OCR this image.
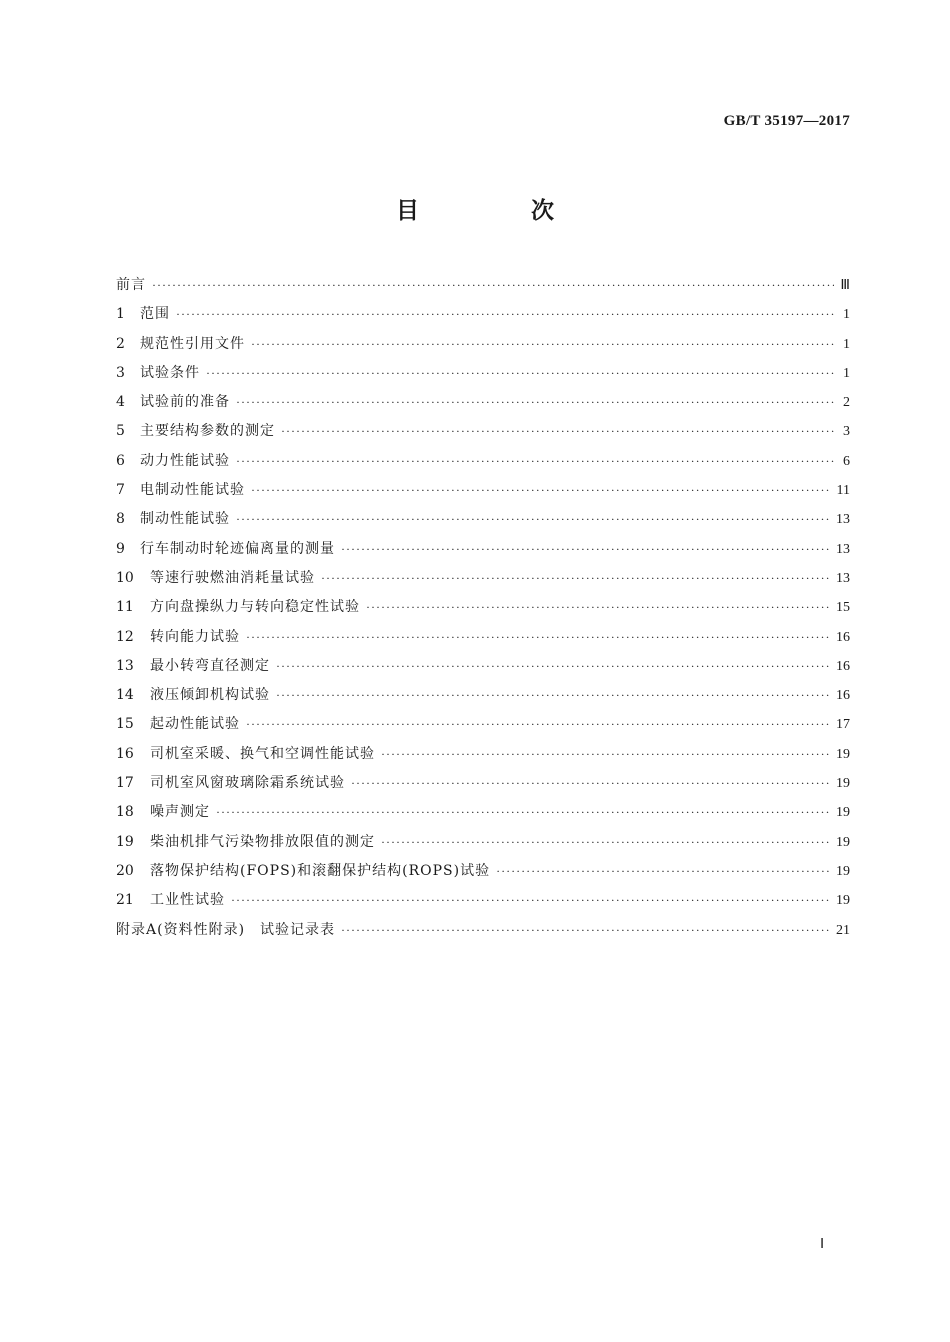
GB/T 35197—2017
目 次
前言 ·····	Ⅲ
1	范围 ·····	1
2	规范性引用文件 ·····	1
3	试验条件 ·····	1
4	试验前的准备 ·····	2
5	主要结构参数的测定 ·····	3
6	动力性能试验 ·····	6
7	电制动性能试验 ·····	11
8	制动性能试验 ·····	13
9	行车制动时轮迹偏离量的测量 ·····	13
10	等速行驶燃油消耗量试验 ·····	13
11	方向盘操纵力与转向稳定性试验 ·····	15
12	转向能力试验 ·····	16
13	最小转弯直径测定 ·····	16
14	液压倾卸机构试验 ·····	16
15	起动性能试验 ·····	17
16	司机室采暖、换气和空调性能试验 ·····	19
17	司机室风窗玻璃除霜系统试验 ·····	19
18	噪声测定 ·····	19
19	柴油机排气污染物排放限值的测定 ·····	19
20	落物保护结构(FOPS)和滚翻保护结构(ROPS)试验 ·····	19
21	工业性试验 ·····	19
附录A(资料性附录)　试验记录表 ·····	21
Ⅰ
